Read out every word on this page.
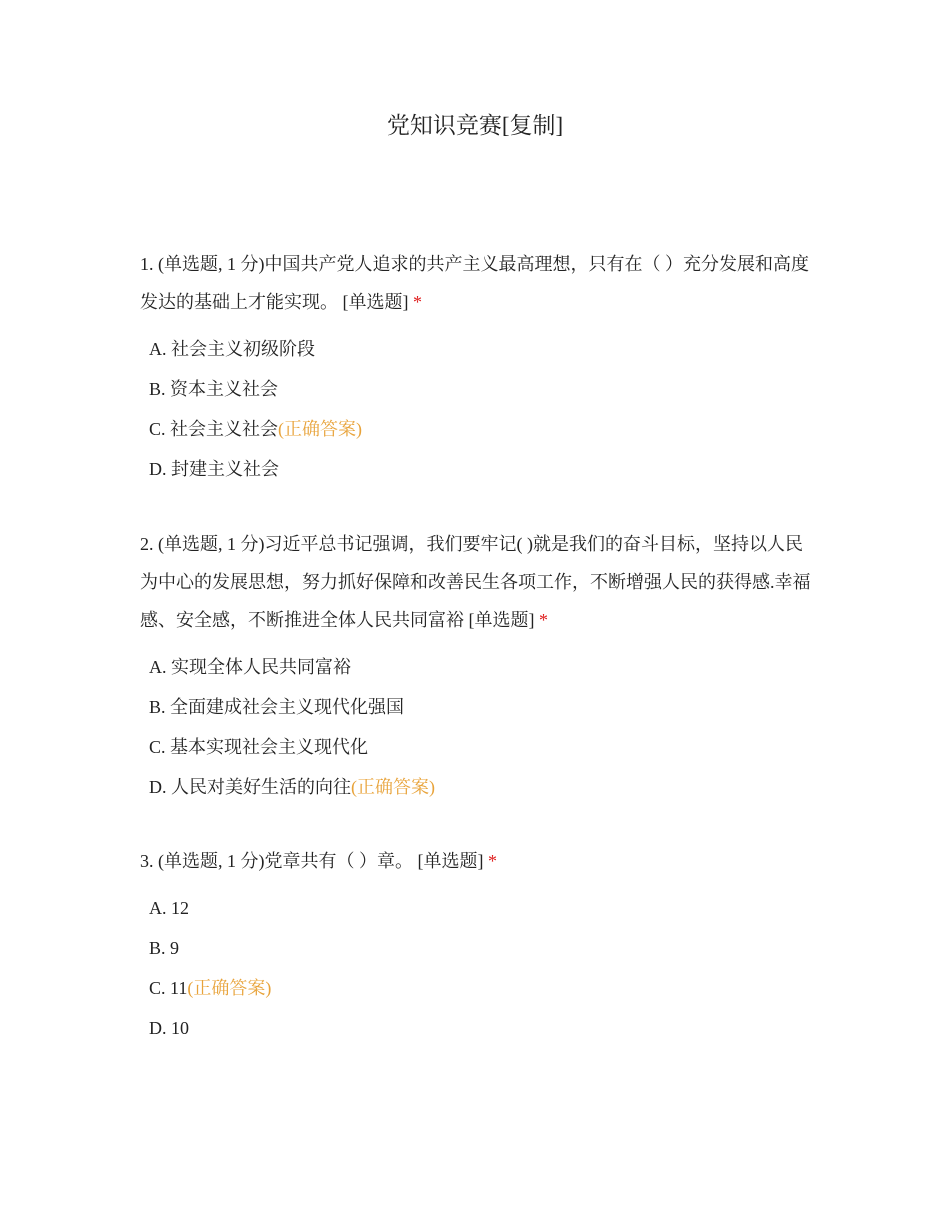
党知识竞赛[复制]

1. (单选题, 1 分)中国共产党人追求的共产主义最高理想，只有在（ ）充分发展和高度发达的基础上才能实现。 [单选题] *

A. 社会主义初级阶段
B. 资本主义社会
C. 社会主义社会(正确答案)
D. 封建主义社会

2. (单选题, 1 分)习近平总书记强调，我们要牢记( )就是我们的奋斗目标，坚持以人民为中心的发展思想，努力抓好保障和改善民生各项工作，不断增强人民的获得感.幸福感、安全感，不断推进全体人民共同富裕 [单选题] *

A. 实现全体人民共同富裕
B. 全面建成社会主义现代化强国
C. 基本实现社会主义现代化
D. 人民对美好生活的向往(正确答案)

3. (单选题, 1 分)党章共有（ ）章。 [单选题] *

A. 12
B. 9
C. 11(正确答案)
D. 10
